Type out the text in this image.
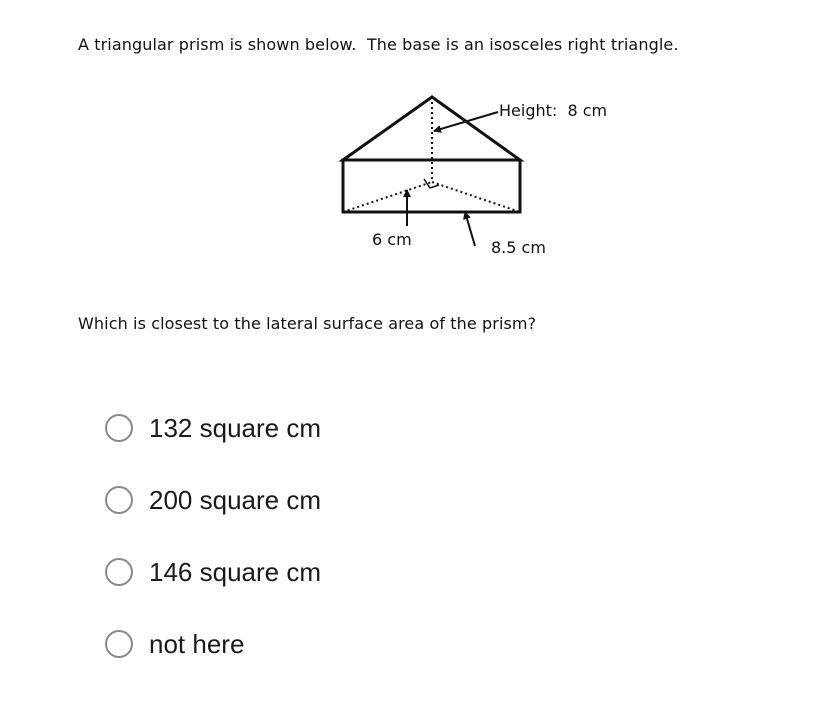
A triangular prism is shown below.  The base is an isosceles right triangle.
Height:  8 cm
6 cm	8.5 cm
Which is closest to the lateral surface area of the prism?
132 square cm
200 square cm
146 square cm
not here
